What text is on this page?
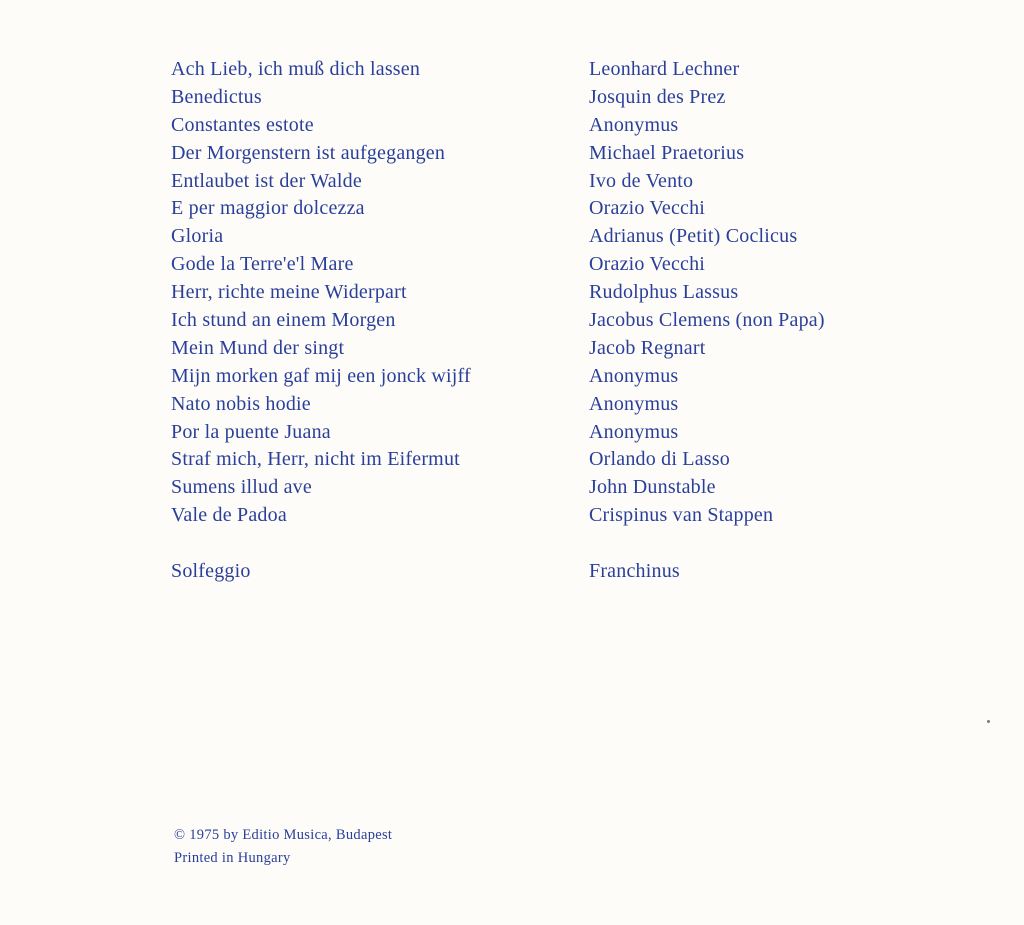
Ach Lieb, ich muß dich lassen
Benedictus
Constantes estote
Der Morgenstern ist aufgegangen
Entlaubet ist der Walde
E per maggior dolcezza
Gloria
Gode la Terre'e'l Mare
Herr, richte meine Widerpart
Ich stund an einem Morgen
Mein Mund der singt
Mijn morken gaf mij een jonck wijff
Nato nobis hodie
Por la puente Juana
Straf mich, Herr, nicht im Eifermut
Sumens illud ave
Vale de Padoa
Solfeggio
Leonhard Lechner
Josquin des Prez
Anonymus
Michael Praetorius
Ivo de Vento
Orazio Vecchi
Adrianus (Petit) Coclicus
Orazio Vecchi
Rudolphus Lassus
Jacobus Clemens (non Papa)
Jacob Regnart
Anonymus
Anonymus
Anonymus
Orlando di Lasso
John Dunstable
Crispinus van Stappen
Franchinus
© 1975 by Editio Musica, Budapest
Printed in Hungary
